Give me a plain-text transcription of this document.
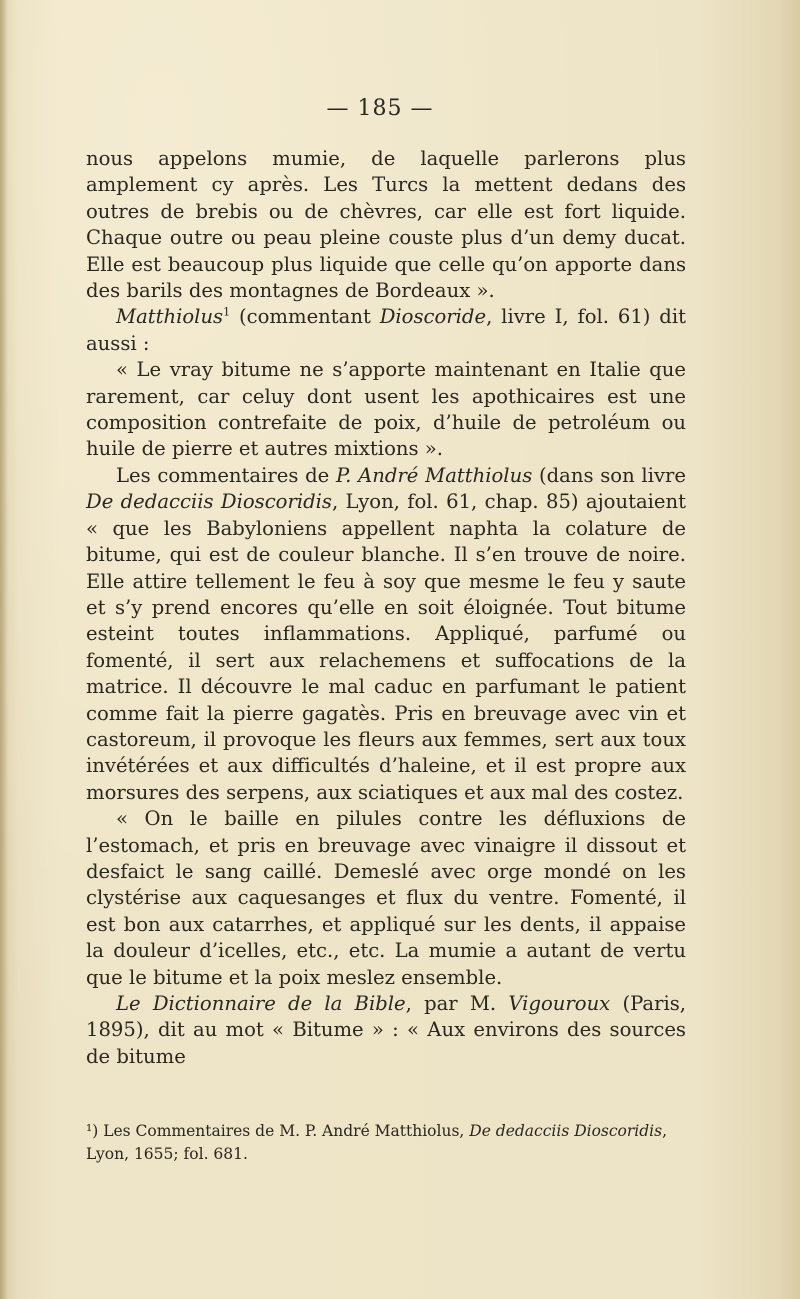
— 185 —

nous appelons mumie, de laquelle parlerons plus amplement cy après. Les Turcs la mettent dedans des outres de brebis ou de chèvres, car elle est fort liquide. Chaque outre ou peau pleine couste plus d’un demy ducat. Elle est beaucoup plus liquide que celle qu’on apporte dans des barils des montagnes de Bordeaux ».

Matthiolus$^1$ (commentant Dioscoride, livre I, fol. 61) dit aussi :

« Le vray bitume ne s’apporte maintenant en Italie que rarement, car celuy dont usent les apothicaires est une composition contrefaite de poix, d’huile de petroléum ou huile de pierre et autres mixtions ».

Les commentaires de P. André Matthiolus (dans son livre De dedacciis Dioscoridis, Lyon, fol. 61, chap. 85) ajoutaient « que les Babyloniens appellent naphta la colature de bitume, qui est de couleur blanche. Il s’en trouve de noire. Elle attire tellement le feu à soy que mesme le feu y saute et s’y prend encores qu’elle en soit éloignée. Tout bitume esteint toutes inflammations. Appliqué, parfumé ou fomenté, il sert aux relachemens et suffocations de la matrice. Il découvre le mal caduc en parfumant le patient comme fait la pierre gagatès. Pris en breuvage avec vin et castoreum, il provoque les fleurs aux femmes, sert aux toux invétérées et aux difficultés d’haleine, et il est propre aux morsures des serpens, aux sciatiques et aux mal des costez.

« On le baille en pilules contre les défluxions de l’estomach, et pris en breuvage avec vinaigre il dissout et desfaict le sang caillé. Demeslé avec orge mondé on les clystérise aux caquesanges et flux du ventre. Fomenté, il est bon aux catarrhes, et appliqué sur les dents, il appaise la douleur d’icelles, etc., etc. La mumie a autant de vertu que le bitume et la poix meslez ensemble.

Le Dictionnaire de la Bible, par M. Vigouroux (Paris, 1895), dit au mot « Bitume » : « Aux environs des sources de bitume

¹) Les Commentaires de M. P. André Matthiolus, De dedacciis Dioscoridis, Lyon, 1655; fol. 681.
